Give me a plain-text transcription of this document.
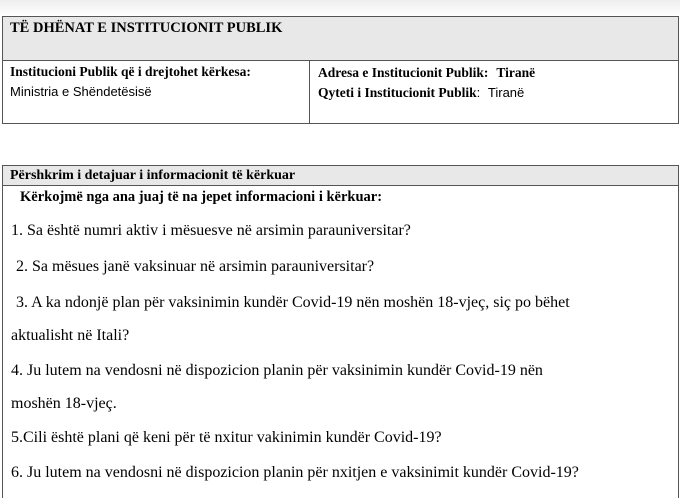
TË DHËNAT E INSTITUCIONIT PUBLIK
Institucioni Publik që i drejtohet kërkesa:
Ministria e Shëndetësisë
Adresa e Institucionit Publik: Tiranë
Qyteti i Institucionit Publik:  Tiranë
Përshkrim i detajuar i informacionit të kërkuar
Kërkojmë nga ana juaj të na jepet informacioni i kërkuar:
1. Sa është numri aktiv i mësuesve në arsimin parauniversitar?
2. Sa mësues janë vaksinuar në arsimin parauniversitar?
3. A ka ndonjë plan për vaksinimin kundër Covid-19 nën moshën 18-vjeç, siç po bëhet
aktualisht në Itali?
4. Ju lutem na vendosni në dispozicion planin për vaksinimin kundër Covid-19 nën
moshën 18-vjeç.
5.Cili është plani që keni për të nxitur vakinimin kundër Covid-19?
6. Ju lutem na vendosni në dispozicion planin për nxitjen e vaksinimit kundër Covid-19?
